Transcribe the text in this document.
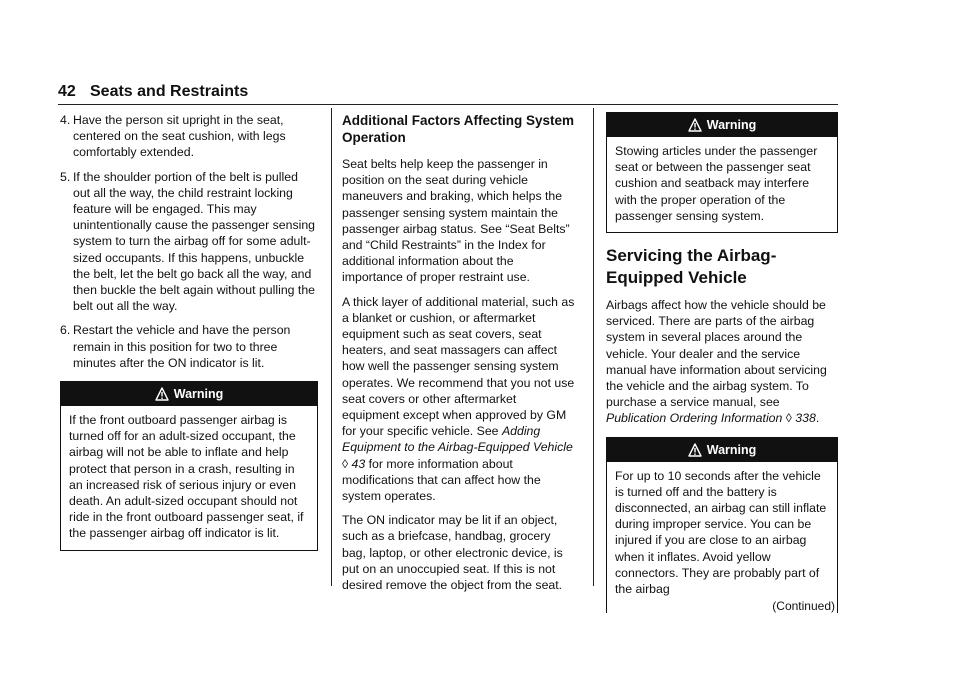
42 Seats and Restraints
4. Have the person sit upright in the seat, centered on the seat cushion, with legs comfortably extended.
5. If the shoulder portion of the belt is pulled out all the way, the child restraint locking feature will be engaged. This may unintentionally cause the passenger sensing system to turn the airbag off for some adult-sized occupants. If this happens, unbuckle the belt, let the belt go back all the way, and then buckle the belt again without pulling the belt out all the way.
6. Restart the vehicle and have the person remain in this position for two to three minutes after the ON indicator is lit.
Warning
If the front outboard passenger airbag is turned off for an adult-sized occupant, the airbag will not be able to inflate and help protect that person in a crash, resulting in an increased risk of serious injury or even death. An adult-sized occupant should not ride in the front outboard passenger seat, if the passenger airbag off indicator is lit.
Additional Factors Affecting System Operation

Seat belts help keep the passenger in position on the seat during vehicle maneuvers and braking, which helps the passenger sensing system maintain the passenger airbag status. See “Seat Belts” and “Child Restraints” in the Index for additional information about the importance of proper restraint use.

A thick layer of additional material, such as a blanket or cushion, or aftermarket equipment such as seat covers, seat heaters, and seat massagers can affect how well the passenger sensing system operates. We recommend that you not use seat covers or other aftermarket equipment except when approved by GM for your specific vehicle. See Adding Equipment to the Airbag-Equipped Vehicle ◊ 43 for more information about modifications that can affect how the system operates.

The ON indicator may be lit if an object, such as a briefcase, handbag, grocery bag, laptop, or other electronic device, is put on an unoccupied seat. If this is not desired remove the object from the seat.

Warning
Stowing articles under the passenger seat or between the passenger seat cushion and seatback may interfere with the proper operation of the passenger sensing system.
Servicing the Airbag-Equipped Vehicle

Airbags affect how the vehicle should be serviced. There are parts of the airbag system in several places around the vehicle. Your dealer and the service manual have information about servicing the vehicle and the airbag system. To purchase a service manual, see Publication Ordering Information ◊ 338.

Warning
For up to 10 seconds after the vehicle is turned off and the battery is disconnected, an airbag can still inflate during improper service. You can be injured if you are close to an airbag when it inflates. Avoid yellow connectors. They are probably part of the airbag
(Continued)
